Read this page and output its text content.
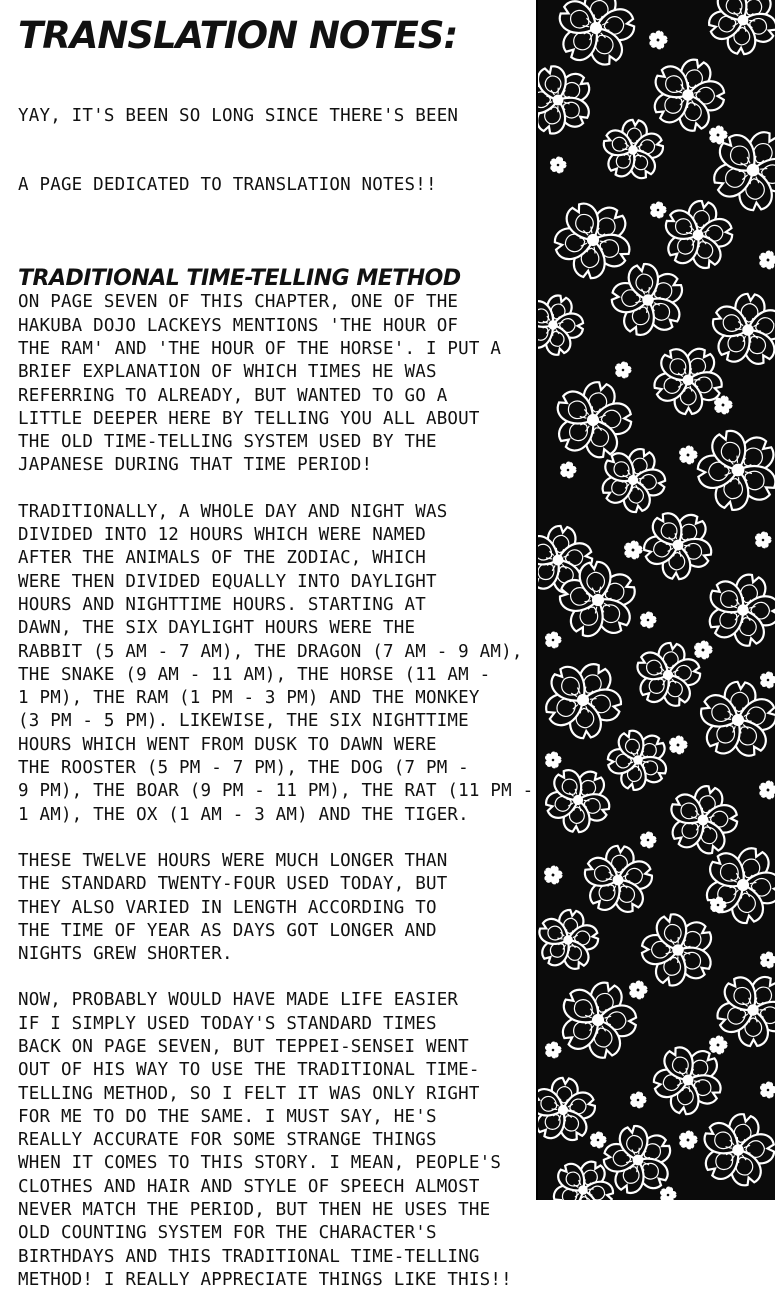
TRANSLATION NOTES:

YAY, IT'S BEEN SO LONG SINCE THERE'S BEEN

A PAGE DEDICATED TO TRANSLATION NOTES!!

TRADITIONAL TIME-TELLING METHOD
ON PAGE SEVEN OF THIS CHAPTER, ONE OF THE
HAKUBA DOJO LACKEYS MENTIONS 'THE HOUR OF
THE RAM' AND 'THE HOUR OF THE HORSE'. I PUT A
BRIEF EXPLANATION OF WHICH TIMES HE WAS
REFERRING TO ALREADY, BUT WANTED TO GO A
LITTLE DEEPER HERE BY TELLING YOU ALL ABOUT
THE OLD TIME-TELLING SYSTEM USED BY THE
JAPANESE DURING THAT TIME PERIOD!
TRADITIONALLY, A WHOLE DAY AND NIGHT WAS
DIVIDED INTO 12 HOURS WHICH WERE NAMED
AFTER THE ANIMALS OF THE ZODIAC, WHICH
WERE THEN DIVIDED EQUALLY INTO DAYLIGHT
HOURS AND NIGHTTIME HOURS. STARTING AT
DAWN, THE SIX DAYLIGHT HOURS WERE THE
RABBIT (5 AM - 7 AM), THE DRAGON (7 AM - 9 AM),
THE SNAKE (9 AM - 11 AM), THE HORSE (11 AM -
1 PM), THE RAM (1 PM - 3 PM) AND THE MONKEY
(3 PM - 5 PM). LIKEWISE, THE SIX NIGHTTIME
HOURS WHICH WENT FROM DUSK TO DAWN WERE
THE ROOSTER (5 PM - 7 PM), THE DOG (7 PM -
9 PM), THE BOAR (9 PM - 11 PM), THE RAT (11 PM -
1 AM), THE OX (1 AM - 3 AM) AND THE TIGER.
THESE TWELVE HOURS WERE MUCH LONGER THAN
THE STANDARD TWENTY-FOUR USED TODAY, BUT
THEY ALSO VARIED IN LENGTH ACCORDING TO
THE TIME OF YEAR AS DAYS GOT LONGER AND
NIGHTS GREW SHORTER.
NOW, PROBABLY WOULD HAVE MADE LIFE EASIER
IF I SIMPLY USED TODAY'S STANDARD TIMES
BACK ON PAGE SEVEN, BUT TEPPEI-SENSEI WENT
OUT OF HIS WAY TO USE THE TRADITIONAL TIME-
TELLING METHOD, SO I FELT IT WAS ONLY RIGHT
FOR ME TO DO THE SAME. I MUST SAY, HE'S
REALLY ACCURATE FOR SOME STRANGE THINGS
WHEN IT COMES TO THIS STORY. I MEAN, PEOPLE'S
CLOTHES AND HAIR AND STYLE OF SPEECH ALMOST
NEVER MATCH THE PERIOD, BUT THEN HE USES THE
OLD COUNTING SYSTEM FOR THE CHARACTER'S
BIRTHDAYS AND THIS TRADITIONAL TIME-TELLING
METHOD! I REALLY APPRECIATE THINGS LIKE THIS!!
